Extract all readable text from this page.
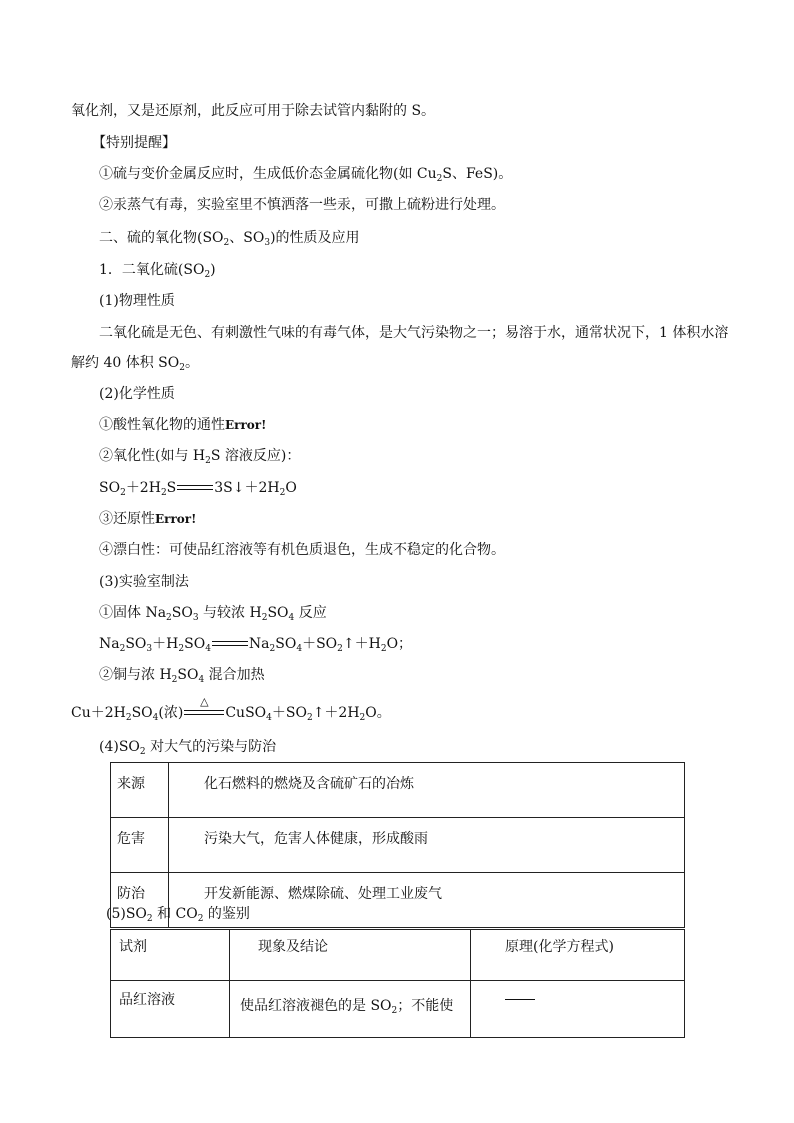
氧化剂，又是还原剂，此反应可用于除去试管内黏附的 S。
【特别提醒】
①硫与变价金属反应时，生成低价态金属硫化物(如 $Cu_2S$、FeS)。
②汞蒸气有毒，实验室里不慎洒落一些汞，可撒上硫粉进行处理。
二、硫的氧化物($SO_2$、$SO_3$)的性质及应用
1．二氧化硫$(SO_2)$
(1)物理性质
二氧化硫是无色、有刺激性气味的有毒气体，是大气污染物之一；易溶于水，通常状况下，1 体积水溶
解约 40 体积 $SO_2$。
(2)化学性质
①酸性氧化物的通性Error!
②氧化性(如与 $H_2S$ 溶液反应)：
$SO_2+2H_2S$	$3S↓+2H_2O$
③还原性Error!
④漂白性：可使品红溶液等有机色质退色，生成不稳定的化合物。
(3)实验室制法
①固体 $Na_2SO_3$ 与较浓 $H_2SO_4$ 反应
$Na_2SO_3+H_2SO_4$	$Na_2SO_4+SO_2↑+H_2O$；
②铜与浓 $H_2SO_4$ 混合加热
$Cu+2H_2SO_4$(浓)
△
$CuSO_4+SO_2↑+2H_2O$。
$(4)SO_2$ 对大气的污染与防治
来源	化石燃料的燃烧及含硫矿石的冶炼
危害	污染大气，危害人体健康，形成酸雨
防治	开发新能源、燃煤除硫、处理工业废气
$(5)SO_2$ 和 $CO_2$ 的鉴别
试剂	现象及结论	原理(化学方程式)
品红溶液	使品红溶液褪色的是 $SO_2$；不能使	
